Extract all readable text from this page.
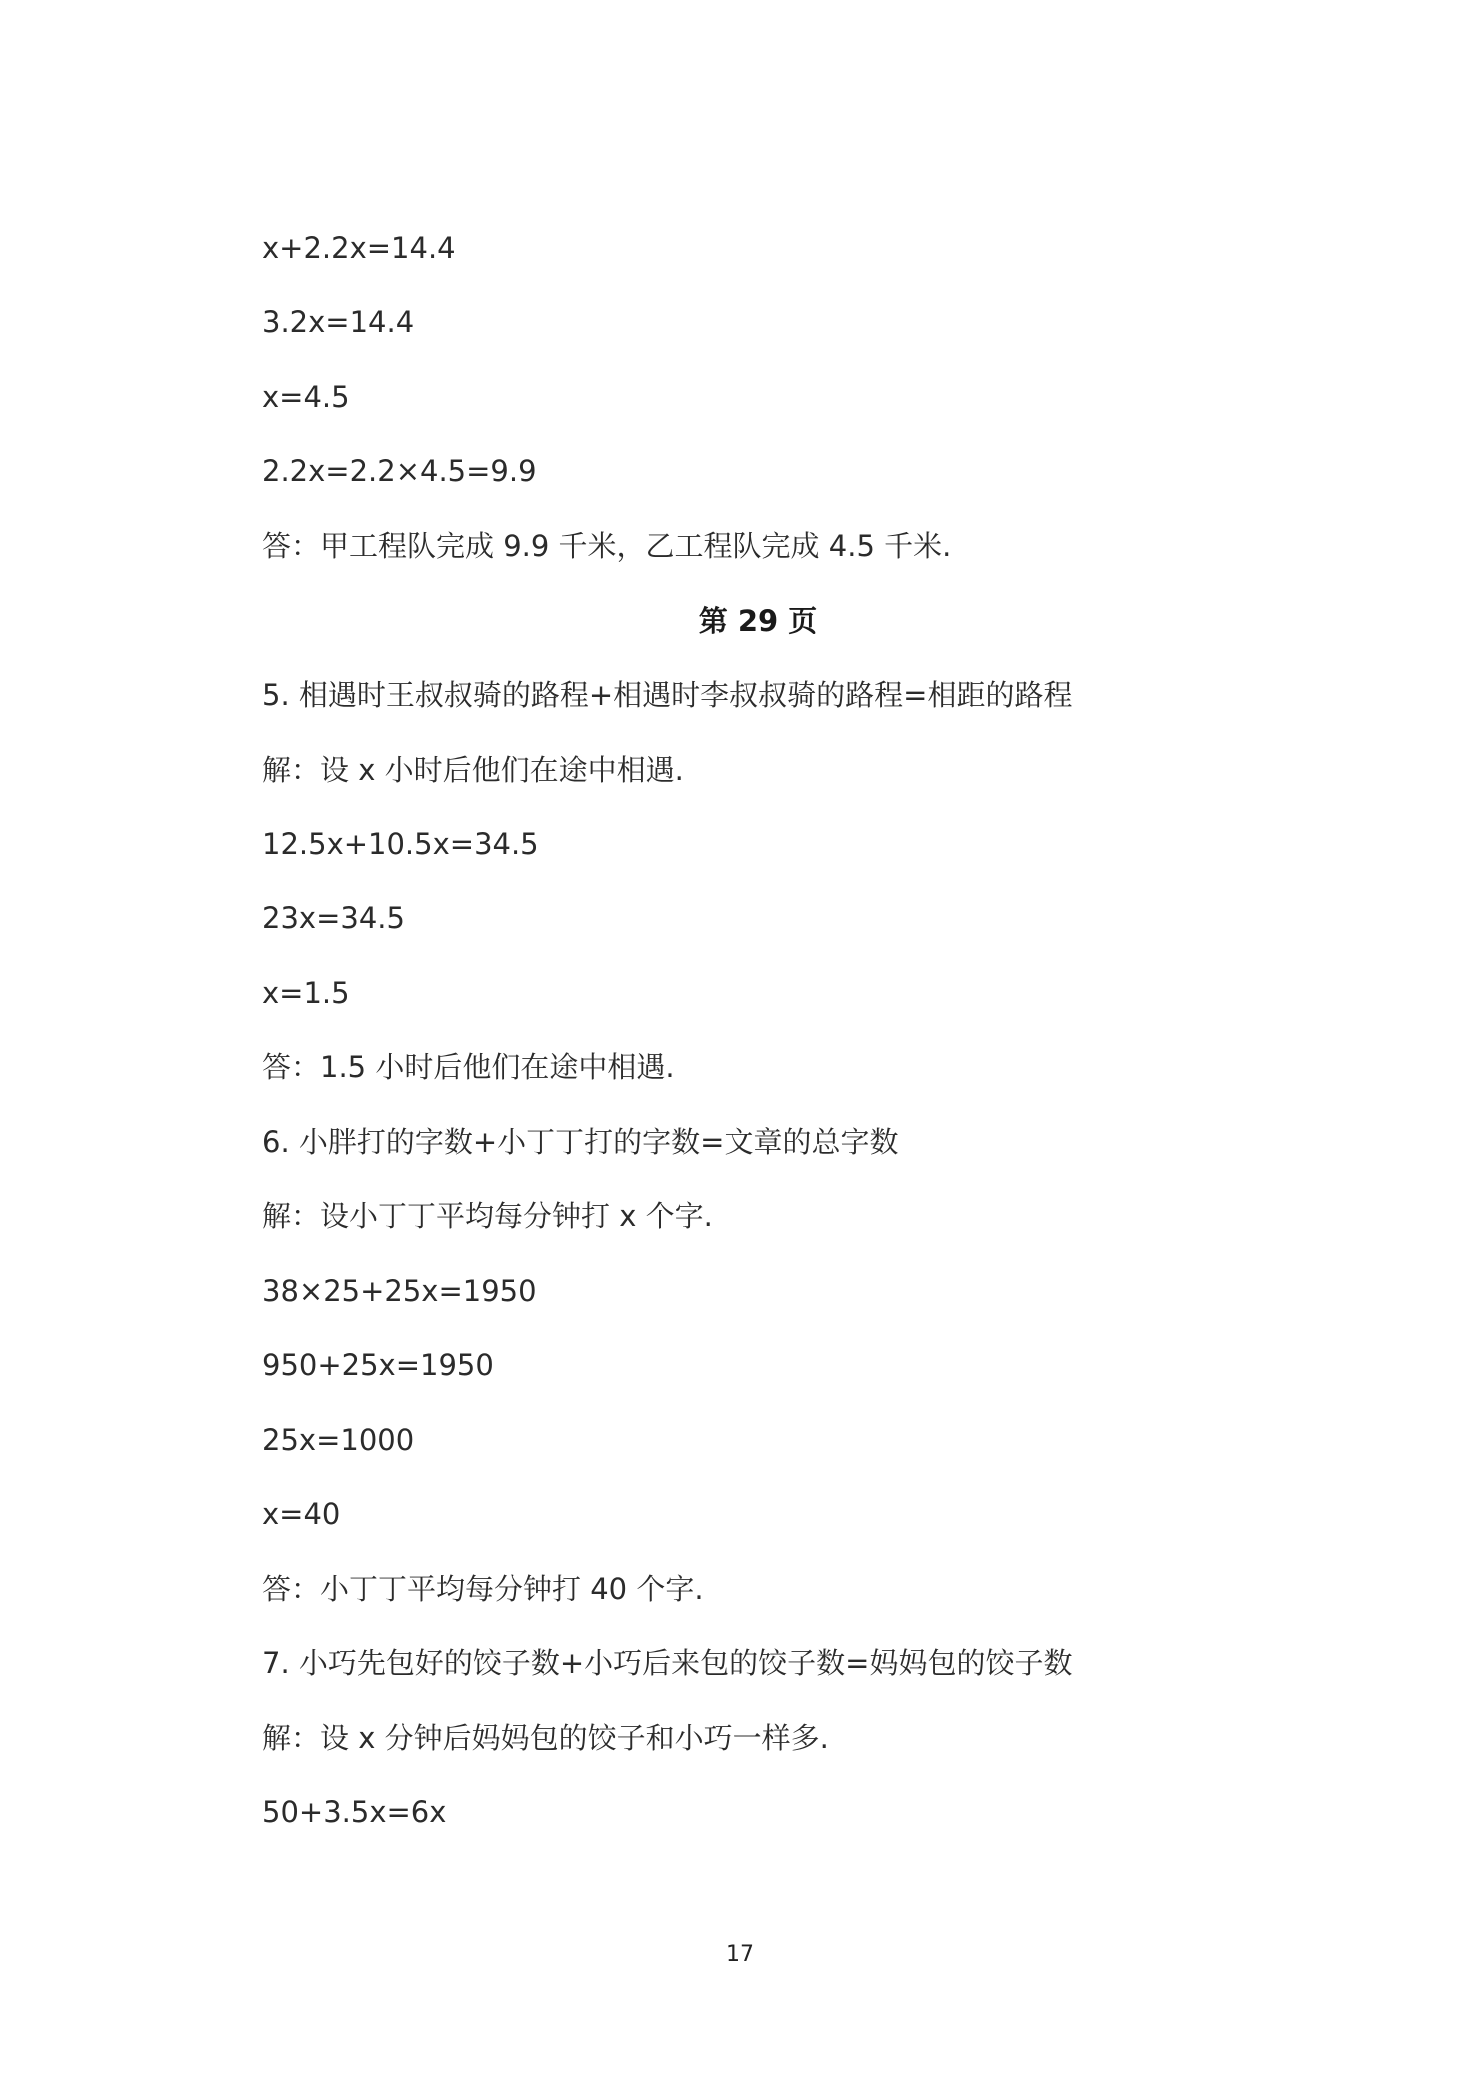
x+2.2x=14.4
3.2x=14.4
x=4.5
2.2x=2.2×4.5=9.9
答：甲工程队完成 9.9 千米，乙工程队完成 4.5 千米.
第 29 页
5. 相遇时王叔叔骑的路程+相遇时李叔叔骑的路程=相距的路程
解：设 x 小时后他们在途中相遇.
12.5x+10.5x=34.5
23x=34.5
x=1.5
答：1.5 小时后他们在途中相遇.
6. 小胖打的字数+小丁丁打的字数=文章的总字数
解：设小丁丁平均每分钟打 x 个字.
38×25+25x=1950
950+25x=1950
25x=1000
x=40
答：小丁丁平均每分钟打 40 个字.
7. 小巧先包好的饺子数+小巧后来包的饺子数=妈妈包的饺子数
解：设 x 分钟后妈妈包的饺子和小巧一样多.
50+3.5x=6x
17
